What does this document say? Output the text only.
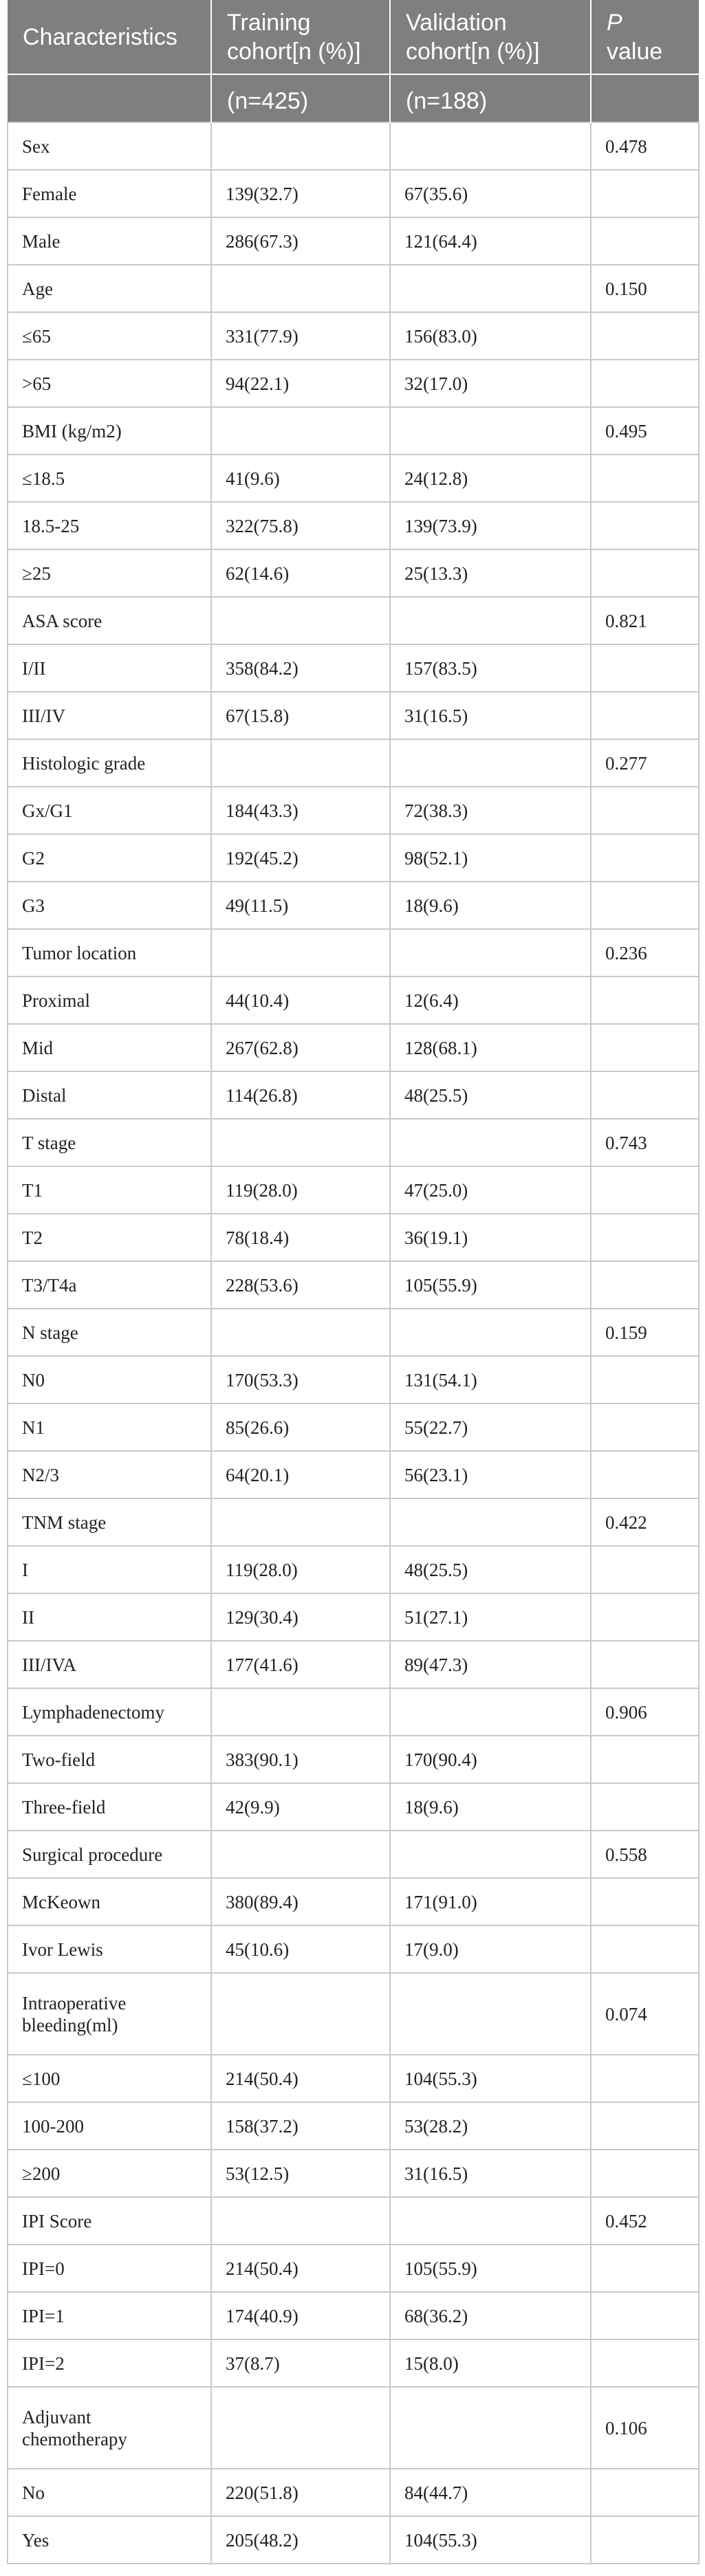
Characteristics	Training cohort[n (%)]	Validation cohort[n (%)]	P value
	(n=425)	(n=188)	
Sex			0.478
Female	139(32.7)	67(35.6)	
Male	286(67.3)	121(64.4)	
Age			0.150
≤65	331(77.9)	156(83.0)	
>65	94(22.1)	32(17.0)	
BMI (kg/m2)			0.495
≤18.5	41(9.6)	24(12.8)	
18.5-25	322(75.8)	139(73.9)	
≥25	62(14.6)	25(13.3)	
ASA score			0.821
I/II	358(84.2)	157(83.5)	
III/IV	67(15.8)	31(16.5)	
Histologic grade			0.277
Gx/G1	184(43.3)	72(38.3)	
G2	192(45.2)	98(52.1)	
G3	49(11.5)	18(9.6)	
Tumor location			0.236
Proximal	44(10.4)	12(6.4)	
Mid	267(62.8)	128(68.1)	
Distal	114(26.8)	48(25.5)	
T stage			0.743
T1	119(28.0)	47(25.0)	
T2	78(18.4)	36(19.1)	
T3/T4a	228(53.6)	105(55.9)	
N stage			0.159
N0	170(53.3)	131(54.1)	
N1	85(26.6)	55(22.7)	
N2/3	64(20.1)	56(23.1)	
TNM stage			0.422
I	119(28.0)	48(25.5)	
II	129(30.4)	51(27.1)	
III/IVA	177(41.6)	89(47.3)	
Lymphadenectomy			0.906
Two-field	383(90.1)	170(90.4)	
Three-field	42(9.9)	18(9.6)	
Surgical procedure			0.558
McKeown	380(89.4)	171(91.0)	
Ivor Lewis	45(10.6)	17(9.0)	
Intraoperative bleeding(ml)			0.074
≤100	214(50.4)	104(55.3)	
100-200	158(37.2)	53(28.2)	
≥200	53(12.5)	31(16.5)	
IPI Score			0.452
IPI=0	214(50.4)	105(55.9)	
IPI=1	174(40.9)	68(36.2)	
IPI=2	37(8.7)	15(8.0)	
Adjuvant chemotherapy			0.106
No	220(51.8)	84(44.7)	
Yes	205(48.2)	104(55.3)	
